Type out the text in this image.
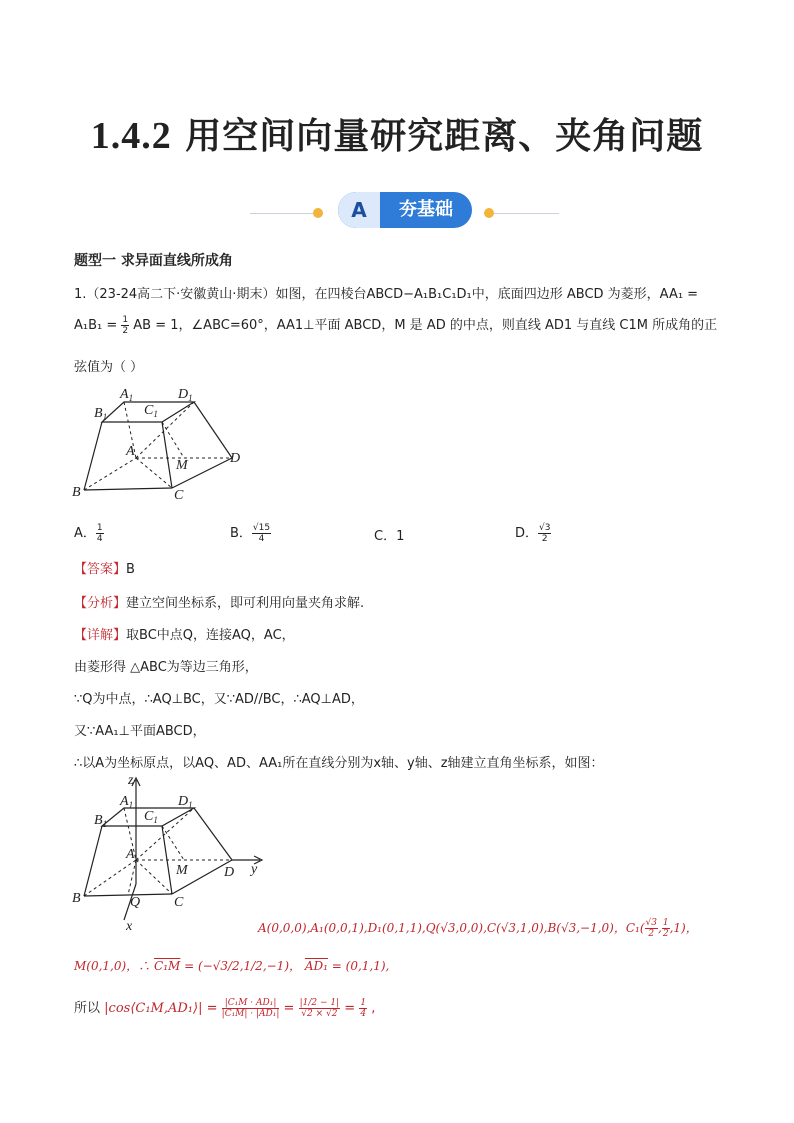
1.4.2 用空间向量研究距离、夹角问题
A	夯基础
题型一 求异面直线所成角
1.（23-24高二下·安徽黄山·期末）如图，在四棱台ABCD−A₁B₁C₁D₁中，底面四边形 ABCD 为菱形，AA₁ =
$A_1B_1 = \frac{1}{2}$ AB = 1，∠ABC=60°，AA1⊥平面 ABCD，M 是 AD 的中点，则直线 AD1 与直线 C1M 所成角的正
弦值为（ ）
$A_1$	$D_1$
$B_1$	$C_1$
A
M	D
B	C
A． $\frac{1}{4}$	B． $\frac{√15}{4}$	C．1	D． $\frac{√3}{2}$
【答案】B
【分析】建立空间坐标系，即可利用向量夹角求解.
【详解】取BC中点Q，连接AQ，AC，
由菱形得 △ABC为等边三角形，
∵Q为中点，∴AQ⊥BC，又∵AD//BC，∴AQ⊥AD，
又∵AA₁⊥平面ABCD，
∴以A为坐标原点，以AQ、AD、AA₁所在直线分别为x轴、y轴、z轴建立直角坐标系，如图：
z
y
x
$A_1$	$D_1$
$B_1$	$C_1$
A
M	D
B	Q C
A(0,0,0),A₁(0,0,1),D₁(0,1,1),Q(√3,0,0),C(√3,1,0),B(√3,−1,0)，$C_1( \frac{√3}{2}$ , $\frac{1}{2} ,1$)，
M(0,1,0)，∴ C₁M = (−√3/2,1/2,−1)， AD₁ = (0,1,1),
所以 |cos⟨C₁M,AD₁⟩| = $\frac{\text{|C₁M · AD₁|}}{\text{|C₁M| · |AD₁|}} = \frac{|1/2 - 1|}{√2 \times √2} = \frac{1}{4}$ ,
